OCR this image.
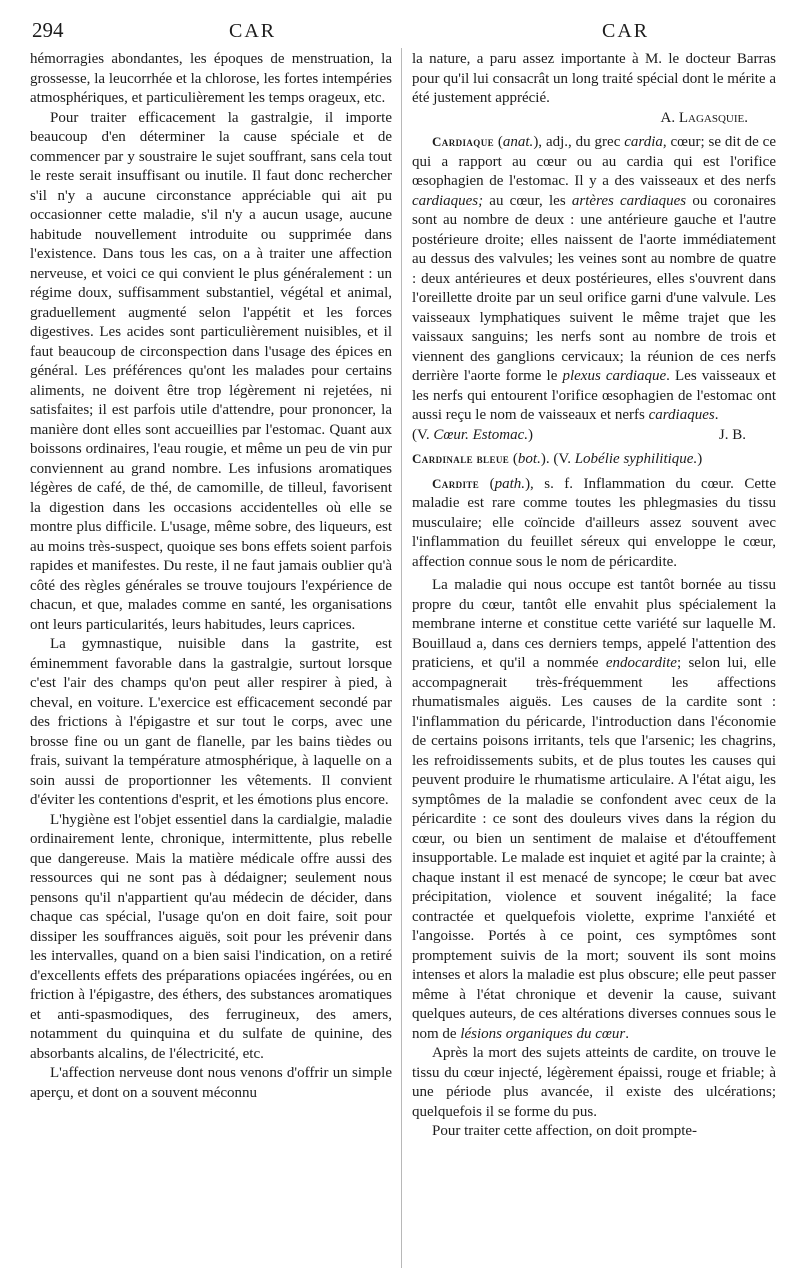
294	CAR	CAR

hémorragies abondantes, les époques de menstruation, la grossesse, la leucorrhée et la chlorose, les fortes intempéries atmosphériques, et particulièrement les temps orageux, etc.

Pour traiter efficacement la gastralgie, il importe beaucoup d'en déterminer la cause spéciale et de commencer par y soustraire le sujet souffrant, sans cela tout le reste serait insuffisant ou inutile. Il faut donc rechercher s'il n'y a aucune circonstance appréciable qui ait pu occasionner cette maladie, s'il n'y a aucun usage, aucune habitude nouvellement introduite ou supprimée dans l'existence. Dans tous les cas, on a à traiter une affection nerveuse, et voici ce qui convient le plus généralement : un régime doux, suffisamment substantiel, végétal et animal, graduellement augmenté selon l'appétit et les forces digestives. Les acides sont particulièrement nuisibles, et il faut beaucoup de circonspection dans l'usage des épices en général. Les préférences qu'ont les malades pour certains aliments, ne doivent être trop légèrement ni rejetées, ni satisfaites; il est parfois utile d'attendre, pour prononcer, la manière dont elles sont accueillies par l'estomac. Quant aux boissons ordinaires, l'eau rougie, et même un peu de vin pur conviennent au grand nombre. Les infusions aromatiques légères de café, de thé, de camomille, de tilleul, favorisent la digestion dans les occasions accidentelles où elle se montre plus difficile. L'usage, même sobre, des liqueurs, est au moins très-suspect, quoique ses bons effets soient parfois rapides et manifestes. Du reste, il ne faut jamais oublier qu'à côté des règles générales se trouve toujours l'expérience de chacun, et que, malades comme en santé, les organisations ont leurs particularités, leurs habitudes, leurs caprices.

La gymnastique, nuisible dans la gastrite, est éminemment favorable dans la gastralgie, surtout lorsque c'est l'air des champs qu'on peut aller respirer à pied, à cheval, en voiture. L'exercice est efficacement secondé par des frictions à l'épigastre et sur tout le corps, avec une brosse fine ou un gant de flanelle, par les bains tièdes ou frais, suivant la température atmosphérique, à laquelle on a soin aussi de proportionner les vêtements. Il convient d'éviter les contentions d'esprit, et les émotions plus encore.

L'hygiène est l'objet essentiel dans la cardialgie, maladie ordinairement lente, chronique, intermittente, plus rebelle que dangereuse. Mais la matière médicale offre aussi des ressources qui ne sont pas à dédaigner; seulement nous pensons qu'il n'appartient qu'au médecin de décider, dans chaque cas spécial, l'usage qu'on en doit faire, soit pour dissiper les souffrances aiguës, soit pour les prévenir dans les intervalles, quand on a bien saisi l'indication, on a retiré d'excellents effets des préparations opiacées ingérées, ou en friction à l'épigastre, des éthers, des substances aromatiques et anti-spasmodiques, des ferrugineux, des amers, notamment du quinquina et du sulfate de quinine, des absorbants alcalins, de l'électricité, etc.

L'affection nerveuse dont nous venons d'offrir un simple aperçu, et dont on a souvent méconnu

la nature, a paru assez importante à M. le docteur Barras pour qu'il lui consacrât un long traité spécial dont le mérite a été justement apprécié.

A. Lagasquie.

Cardiaque (anat.), adj., du grec cardia, cœur; se dit de ce qui a rapport au cœur ou au cardia qui est l'orifice œsophagien de l'estomac. Il y a des vaisseaux et des nerfs cardiaques; au cœur, les artères cardiaques ou coronaires sont au nombre de deux : une antérieure gauche et l'autre postérieure droite; elles naissent de l'aorte immédiatement au dessus des valvules; les veines sont au nombre de quatre : deux antérieures et deux postérieures, elles s'ouvrent dans l'oreillette droite par un seul orifice garni d'une valvule. Les vaisseaux lymphatiques suivent le même trajet que les vaissaux sanguins; les nerfs sont au nombre de trois et viennent des ganglions cervicaux; la réunion de ces nerfs derrière l'aorte forme le plexus cardiaque. Les vaisseaux et les nerfs qui entourent l'orifice œsophagien de l'estomac ont aussi reçu le nom de vaisseaux et nerfs cardiaques.

(V. Cœur. Estomac.)	J. B.

Cardinale bleue (bot.). (V. Lobélie syphilitique.)

Cardite (path.), s. f. Inflammation du cœur. Cette maladie est rare comme toutes les phlegmasies du tissu musculaire; elle coïncide d'ailleurs assez souvent avec l'inflammation du feuillet séreux qui enveloppe le cœur, affection connue sous le nom de péricardite.

La maladie qui nous occupe est tantôt bornée au tissu propre du cœur, tantôt elle envahit plus spécialement la membrane interne et constitue cette variété sur laquelle M. Bouillaud a, dans ces derniers temps, appelé l'attention des praticiens, et qu'il a nommée endocardite; selon lui, elle accompagnerait très-fréquemment les affections rhumatismales aiguës. Les causes de la cardite sont : l'inflammation du péricarde, l'introduction dans l'économie de certains poisons irritants, tels que l'arsenic; les chagrins, les refroidissements subits, et de plus toutes les causes qui peuvent produire le rhumatisme articulaire. A l'état aigu, les symptômes de la maladie se confondent avec ceux de la péricardite : ce sont des douleurs vives dans la région du cœur, ou bien un sentiment de malaise et d'étouffement insupportable. Le malade est inquiet et agité par la crainte; à chaque instant il est menacé de syncope; le cœur bat avec précipitation, violence et souvent inégalité; la face contractée et quelquefois violette, exprime l'anxiété et l'angoisse. Portés à ce point, ces symptômes sont promptement suivis de la mort; souvent ils sont moins intenses et alors la maladie est plus obscure; elle peut passer même à l'état chronique et devenir la cause, suivant quelques auteurs, de ces altérations diverses connues sous le nom de lésions organiques du cœur.

Après la mort des sujets atteints de cardite, on trouve le tissu du cœur injecté, légèrement épaissi, rouge et friable; à une période plus avancée, il existe des ulcérations; quelquefois il se forme du pus.

Pour traiter cette affection, on doit prompte-
